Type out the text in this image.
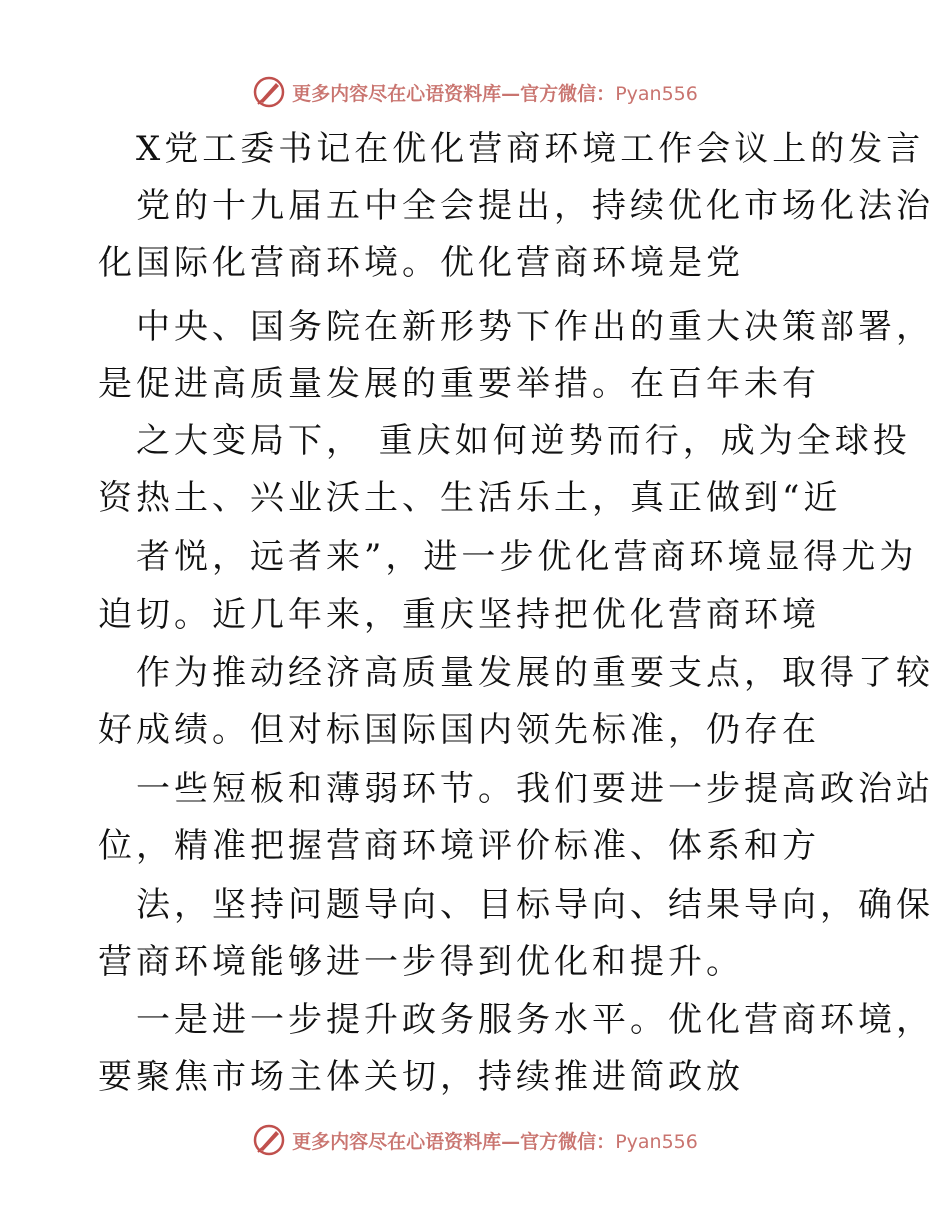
更多内容尽在心语资料库—官方微信：Pyan556
X党工委书记在优化营商环境工作会议上的发言
党的十九届五中全会提出，持续优化市场化法治
化国际化营商环境。优化营商环境是党
中央、国务院在新形势下作出的重大决策部署，
是促进高质量发展的重要举措。在百年未有
之大变局下， 重庆如何逆势而行，成为全球投
资热土、兴业沃土、生活乐土，真正做到“近
者悦，远者来”，进一步优化营商环境显得尤为
迫切。近几年来，重庆坚持把优化营商环境
作为推动经济高质量发展的重要支点，取得了较
好成绩。但对标国际国内领先标准，仍存在
一些短板和薄弱环节。我们要进一步提高政治站
位，精准把握营商环境评价标准、体系和方
法，坚持问题导向、目标导向、结果导向，确保
营商环境能够进一步得到优化和提升。
一是进一步提升政务服务水平。优化营商环境，
要聚焦市场主体关切，持续推进简政放
更多内容尽在心语资料库—官方微信：Pyan556
